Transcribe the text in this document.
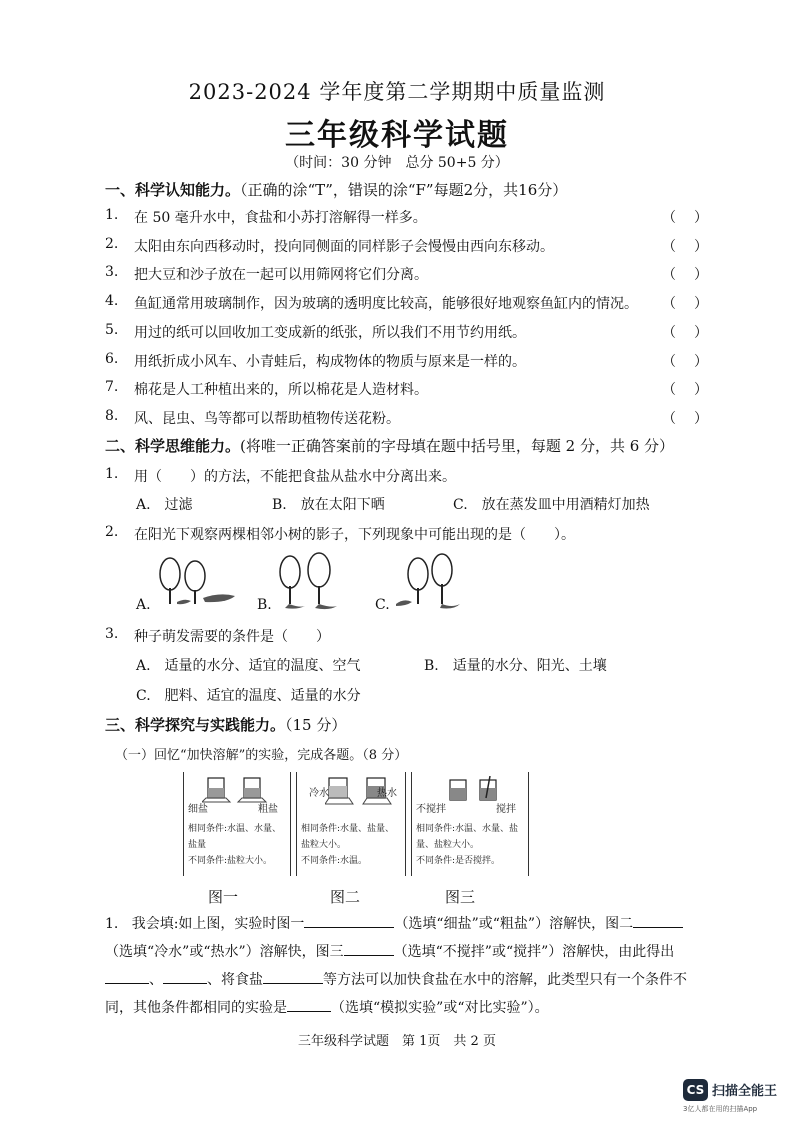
2023-2024 学年度第二学期期中质量监测
三年级科学试题
（时间：30 分钟　总分 50+5 分）
一、科学认知能力。（正确的涂“T”，错误的涂“F”每题2分，共16分）
1. 在 50 毫升水中，食盐和小苏打溶解得一样多。	（）
2. 太阳由东向西移动时，投向同侧面的同样影子会慢慢由西向东移动。	（）
3. 把大豆和沙子放在一起可以用筛网将它们分离。	（）
4. 鱼缸通常用玻璃制作，因为玻璃的透明度比较高，能够很好地观察鱼缸内的情况。 （）
5. 用过的纸可以回收加工变成新的纸张，所以我们不用节约用纸。	（）
6. 用纸折成小风车、小青蛙后，构成物体的物质与原来是一样的。	（）
7. 棉花是人工种植出来的，所以棉花是人造材料。	（）
8. 风、昆虫、鸟等都可以帮助植物传送花粉。	（）
二、科学思维能力。(将唯一正确答案前的字母填在题中括号里，每题 2 分，共 6 分）
1. 用（　　）的方法，不能把食盐从盐水中分离出来。
A.　过滤	B.　放在太阳下晒	C.　放在蒸发皿中用酒精灯加热
2. 在阳光下观察两棵相邻小树的影子，下列现象中可能出现的是（　　）。
A.	B.	C.
3. 种子萌发需要的条件是（　　）
A.　适量的水分、适宜的温度、空气	B.　适量的水分、阳光、土壤
C.　肥料、适宜的温度、适量的水分
三、科学探究与实践能力。（15 分）
（一）回忆“加快溶解”的实验，完成各题。（8 分）
细盐	粗盐
相同条件:水温、水量、
盐量
不同条件:盐粒大小。
冷水	热水
相同条件:水量、盐量、
盐粒大小。
不同条件:水温。
不搅拌	搅拌
相同条件:水温、水量、盐
量、盐粒大小。
不同条件:是否搅拌。
图一	图二	图三
1. 我会填:如上图，实验时图一	（选填“细盐”或“粗盐”）溶解快，图二（选填“冷水”或“热水”）溶解快，图三	（选填“不搅拌”或“搅拌”）溶解快，由此得出、	、将食盐	等方法可以加快食盐在水中的溶解，此类型只有一个条件不同，其他条件都相同的实验是	（选填“模拟实验”或“对比实验”）。
三年级科学试题　第 1页　共 2 页
CS 扫描全能王
3亿人都在用的扫描App
